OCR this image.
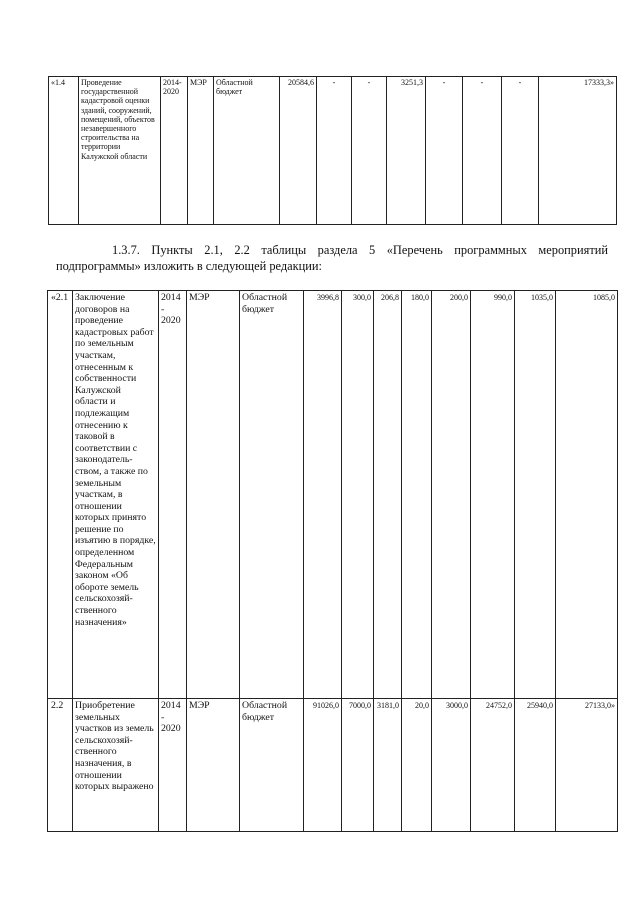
«1.4	Проведение государственной кадастровой оценки зданий, сооружений, помещений, объектов незавершенного строительства на территории Калужской области	2014-2020	МЭР	Областной бюджет	20584,6	-	-	3251,3	-	-	-	17333,3»
1.3.7. Пункты 2.1, 2.2 таблицы раздела 5 «Перечень программных мероприятий подпрограммы» изложить в следующей редакции:
«2.1	Заключение договоров на проведение кадастровых работ по земельным участкам, отнесенным к собственности Калужской области и подлежащим отнесению к таковой в соответствии с законодатель-ством, а также по земельным участкам, в отношении которых принято решение по изъятию в порядке, определенном Федеральным законом «Об обороте земель сельскохозяй-ственного назначения»	2014 - 2020	МЭР	Областной бюджет	3996,8	300,0	206,8	180,0	200,0	990,0	1035,0	1085,0
2.2	Приобретение земельных участков из земель сельскохозяй-ственного назначения, в отношении которых выражено	2014 - 2020	МЭР	Областной бюджет	91026,0	7000,0	3181,0	20,0	3000,0	24752,0	25940,0	27133,0»
